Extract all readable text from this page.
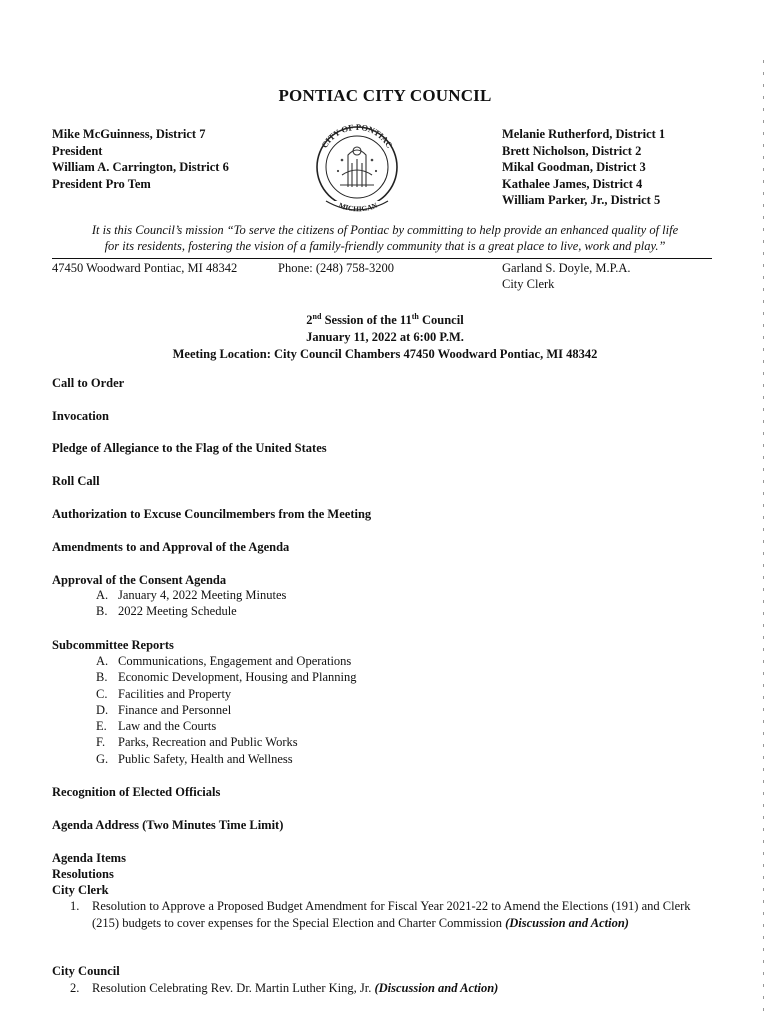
PONTIAC CITY COUNCIL
Mike McGuinness, District 7
President
William A. Carrington, District 6
President Pro Tem
CITY OF PONTIAC
MICHIGAN
Melanie Rutherford, District 1
Brett Nicholson, District 2
Mikal Goodman, District 3
Kathalee James, District 4
William Parker, Jr., District 5
It is this Council’s mission “To serve the citizens of Pontiac by committing to help provide an enhanced quality of life
for its residents, fostering the vision of a family-friendly community that is a great place to live, work and play.”
47450 Woodward Pontiac, MI 48342	Phone: (248) 758-3200	Garland S. Doyle, M.P.A.
City Clerk
2nd Session of the 11th Council
January 11, 2022 at 6:00 P.M.
Meeting Location: City Council Chambers 47450 Woodward Pontiac, MI 48342
Call to Order
Invocation
Pledge of Allegiance to the Flag of the United States
Roll Call
Authorization to Excuse Councilmembers from the Meeting
Amendments to and Approval of the Agenda
Approval of the Consent Agenda
A. January 4, 2022 Meeting Minutes
B. 2022 Meeting Schedule
Subcommittee Reports
A. Communications, Engagement and Operations
B. Economic Development, Housing and Planning
C. Facilities and Property
D. Finance and Personnel
E. Law and the Courts
F.	Parks, Recreation and Public Works
G. Public Safety, Health and Wellness
Recognition of Elected Officials
Agenda Address (Two Minutes Time Limit)
Agenda Items
Resolutions
City Clerk
1. Resolution to Approve a Proposed Budget Amendment for Fiscal Year 2021-22 to Amend the Elections (191) and Clerk (215) budgets to cover expenses for the Special Election and Charter Commission (Discussion and Action)
City Council
2. Resolution Celebrating Rev. Dr. Martin Luther King, Jr. (Discussion and Action)
